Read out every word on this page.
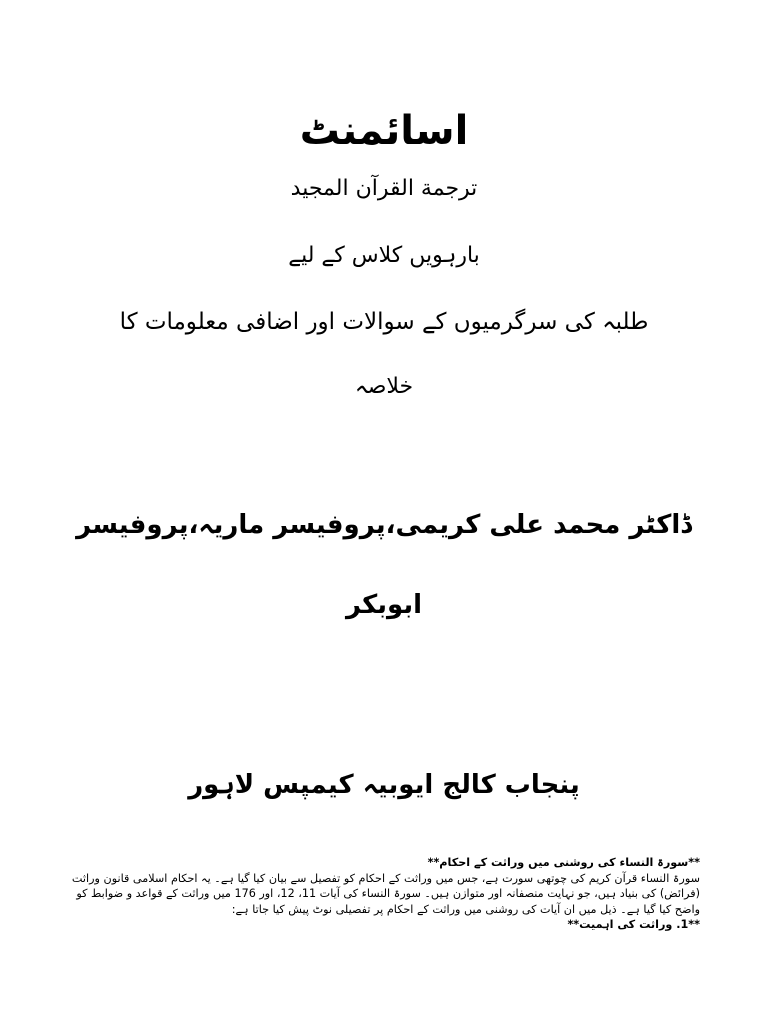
اسائمنٹ
ترجمة القرآن المجيد
بارہویں کلاس کے لیے
طلبہ کی سرگرمیوں کے سوالات اور اضافی معلومات کا
خلاصہ
ڈاکٹر محمد علی کریمی،پروفیسر ماریہ،پروفیسر
ابوبکر
پنجاب کالج ایوبیہ کیمپس لاہور
**سورۃ النساء کی روشنی میں وراثت کے احکام**
سورۃ النساء قرآن کریم کی چوتھی سورت ہے، جس میں وراثت کے احکام کو تفصیل سے بیان کیا گیا ہے۔ یہ احکام اسلامی قانون وراثت (فرائض) کی بنیاد ہیں، جو نہایت منصفانہ اور متوازن ہیں۔ سورۃ النساء کی آیات 11، 12، اور 176 میں وراثت کے قواعد و ضوابط کو واضح کیا گیا ہے۔ ذیل میں ان آیات کی روشنی میں وراثت کے احکام پر تفصیلی نوٹ پیش کیا جاتا ہے:
**1. وراثت کی اہمیت**
